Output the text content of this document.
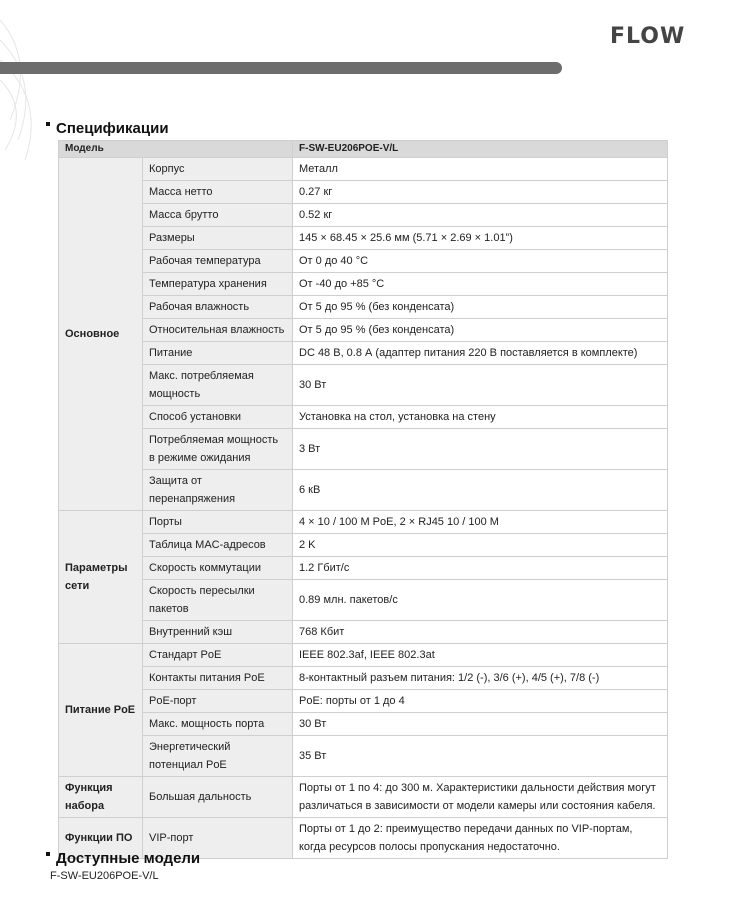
FLOW
Спецификации
Модель		F-SW-EU206POE-V/L
Основное	Корпус	Металл
	Масса нетто	0.27 кг
	Масса брутто	0.52 кг
	Размеры	145 × 68.45 × 25.6 мм (5.71 × 2.69 × 1.01”)
	Рабочая температура	От 0 до 40 °С
	Температура хранения	От -40 до +85 °С
	Рабочая влажность	От 5 до 95 % (без конденсата)
	Относительная влажность	От 5 до 95 % (без конденсата)
	Питание	DC 48 В, 0.8 А (адаптер питания 220 В поставляется в комплекте)
	Макс. потребляемая мощность	30 Вт
	Способ установки	Установка на стол, установка на стену
	Потребляемая мощность в режиме ожидания	3 Вт
	Защита от перенапряжения	6 кВ
Параметры сети	Порты	4 × 10 / 100 M PoE, 2 × RJ45 10 / 100 M
	Таблица MAC-адресов	2 K
	Скорость коммутации	1.2 Гбит/с
	Скорость пересылки пакетов	0.89 млн. пакетов/с
	Внутренний кэш	768 Кбит
Питание PoE	Стандарт PoE	IEEE 802.3af, IEEE 802.3at
	Контакты питания PoE	8-контактный разъем питания: 1/2 (-), 3/6 (+), 4/5 (+), 7/8 (-)
	PoE-порт	PoE: порты от 1 до 4
	Макс. мощность порта	30 Вт
	Энергетический потенциал PoE	35 Вт
Функция набора	Большая дальность	Порты от 1 по 4: до 300 м. Характеристики дальности действия могут различаться в зависимости от модели камеры или состояния кабеля.
Функции ПО	VIP-порт	Порты от 1 до 2: преимущество передачи данных по VIP-портам, когда ресурсов полосы пропускания недостаточно.
Доступные модели
F-SW-EU206POE-V/L
